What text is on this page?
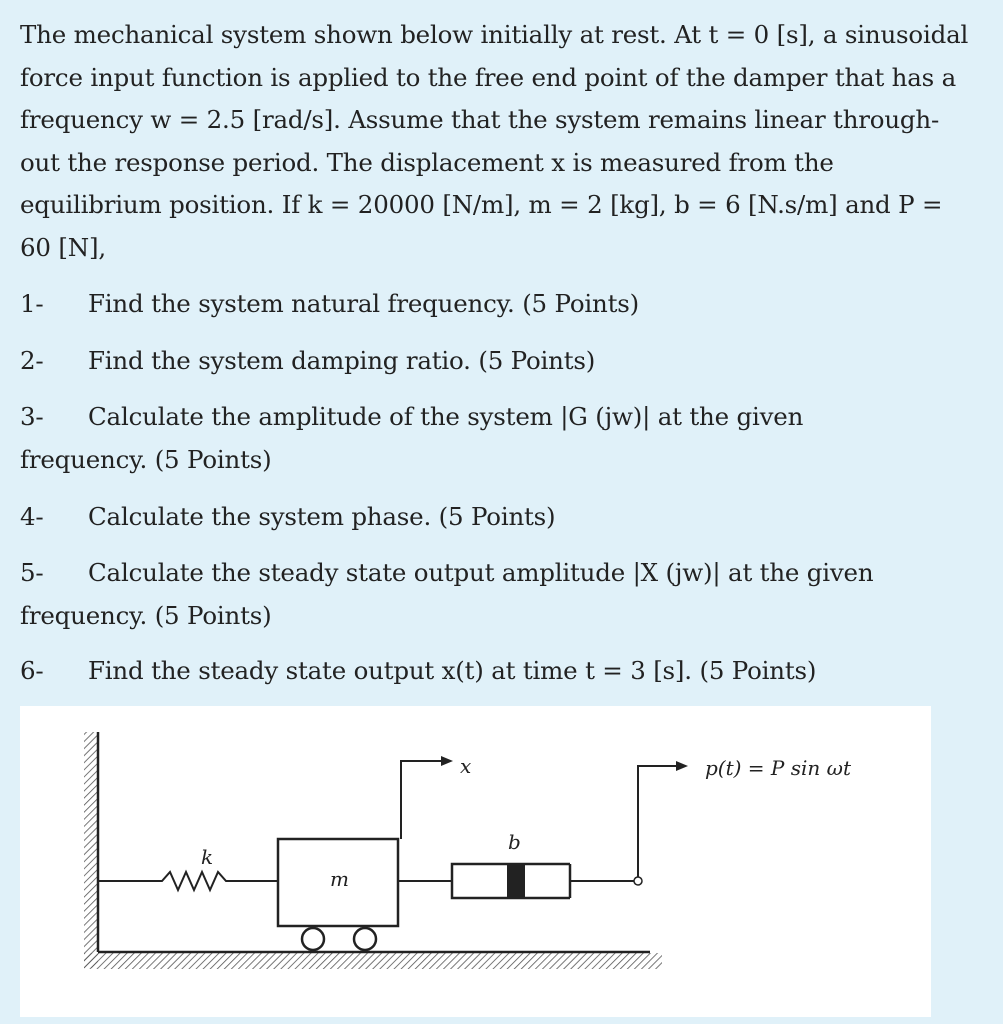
The mechanical system shown below initially at rest. At t = 0 [s], a sinusoidal
force input function is applied to the free end point of the damper that has a
frequency w = 2.5 [rad/s]. Assume that the system remains linear through-
out the response period. The displacement x is measured from the
equilibrium position. If k = 20000 [N/m], m = 2 [kg], b = 6 [N.s/m] and P =
60 [N],
1- Find the system natural frequency. (5 Points)
2- Find the system damping ratio. (5 Points)
3- Calculate the amplitude of the system |G (jw)| at the given
frequency. (5 Points)
4- Calculate the system phase. (5 Points)
5- Calculate the steady state output amplitude |X (jw)| at the given
frequency. (5 Points)
6- Find the steady state output x(t) at time t = 3 [s]. (5 Points)
k
m
x
b
p(t) = P sin ωt
